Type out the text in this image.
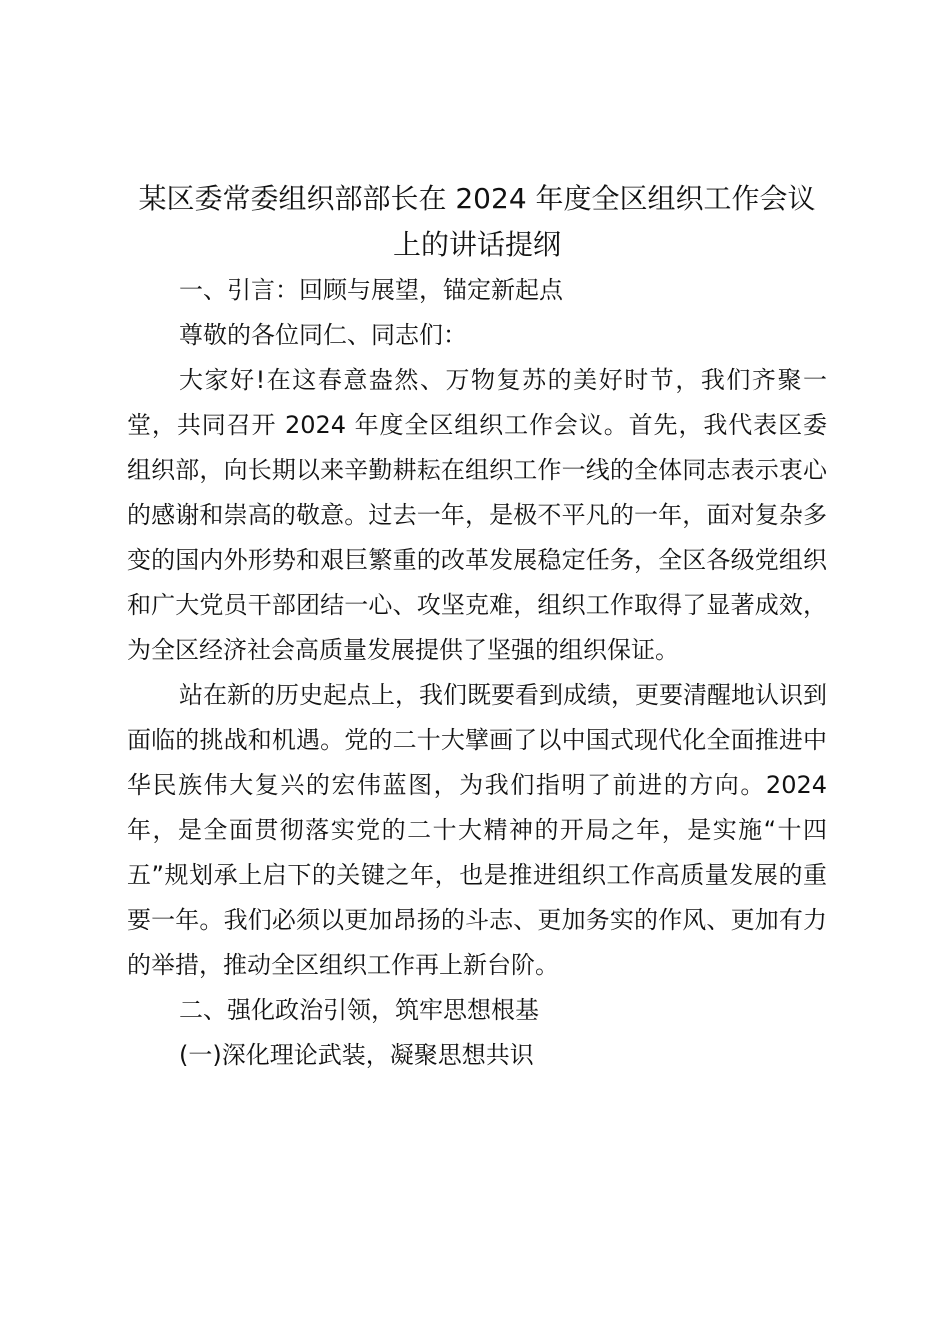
某区委常委组织部部长在 2024 年度全区组织工作会议
上的讲话提纲

一、引言：回顾与展望，锚定新起点

尊敬的各位同仁、同志们：

大家好!在这春意盎然、万物复苏的美好时节，我们齐聚一堂，共同召开 2024 年度全区组织工作会议。首先，我代表区委组织部，向长期以来辛勤耕耘在组织工作一线的全体同志表示衷心的感谢和崇高的敬意。过去一年，是极不平凡的一年，面对复杂多变的国内外形势和艰巨繁重的改革发展稳定任务，全区各级党组织和广大党员干部团结一心、攻坚克难，组织工作取得了显著成效，为全区经济社会高质量发展提供了坚强的组织保证。

站在新的历史起点上，我们既要看到成绩，更要清醒地认识到面临的挑战和机遇。党的二十大擘画了以中国式现代化全面推进中华民族伟大复兴的宏伟蓝图，为我们指明了前进的方向。2024 年，是全面贯彻落实党的二十大精神的开局之年，是实施“十四五”规划承上启下的关键之年，也是推进组织工作高质量发展的重要一年。我们必须以更加昂扬的斗志、更加务实的作风、更加有力的举措，推动全区组织工作再上新台阶。

二、强化政治引领，筑牢思想根基

(一)深化理论武装，凝聚思想共识
